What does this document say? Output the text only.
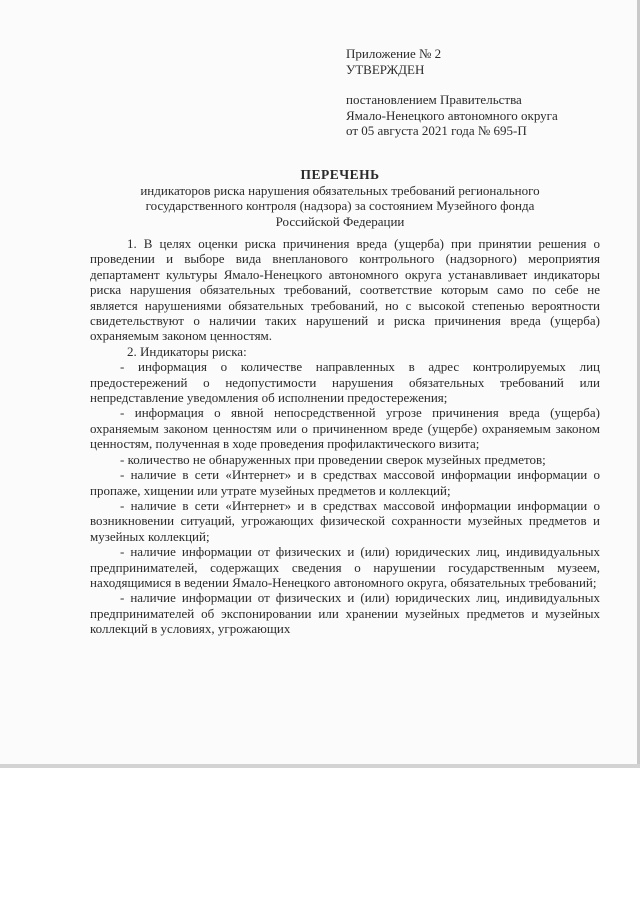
Приложение № 2
УТВЕРЖДЕН
постановлением Правительства
Ямало-Ненецкого автономного округа
от 05 августа 2021 года № 695-П
ПЕРЕЧЕНЬ
индикаторов риска нарушения обязательных требований регионального
государственного контроля (надзора) за состоянием Музейного фонда
Российской Федерации

1. В целях оценки риска причинения вреда (ущерба) при принятии решения о проведении и выборе вида внепланового контрольного (надзорного) мероприятия департамент культуры Ямало-Ненецкого автономного округа устанавливает индикаторы риска нарушения обязательных требований, соответствие которым само по себе не является нарушениями обязательных требований, но с высокой степенью вероятности свидетельствуют о наличии таких нарушений и риска причинения вреда (ущерба) охраняемым законом ценностям.

2. Индикаторы риска:

- информация о количестве направленных в адрес контролируемых лиц предостережений о недопустимости нарушения обязательных требований или непредставление уведомления об исполнении предостережения;

- информация о явной непосредственной угрозе причинения вреда (ущерба) охраняемым законом ценностям или о причиненном вреде (ущербе) охраняемым законом ценностям, полученная в ходе проведения профилактического визита;

- количество не обнаруженных при проведении сверок музейных предметов;

- наличие в сети «Интернет» и в средствах массовой информации информации о пропаже, хищении или утрате музейных предметов и коллекций;

- наличие в сети «Интернет» и в средствах массовой информации информации о возникновении ситуаций, угрожающих физической сохранности музейных предметов и музейных коллекций;

- наличие информации от физических и (или) юридических лиц, индивидуальных предпринимателей, содержащих сведения о нарушении государственным музеем, находящимися в ведении Ямало-Ненецкого автономного округа, обязательных требований;

- наличие информации от физических и (или) юридических лиц, индивидуальных предпринимателей об экспонировании или хранении музейных предметов и музейных коллекций в условиях, угрожающих
